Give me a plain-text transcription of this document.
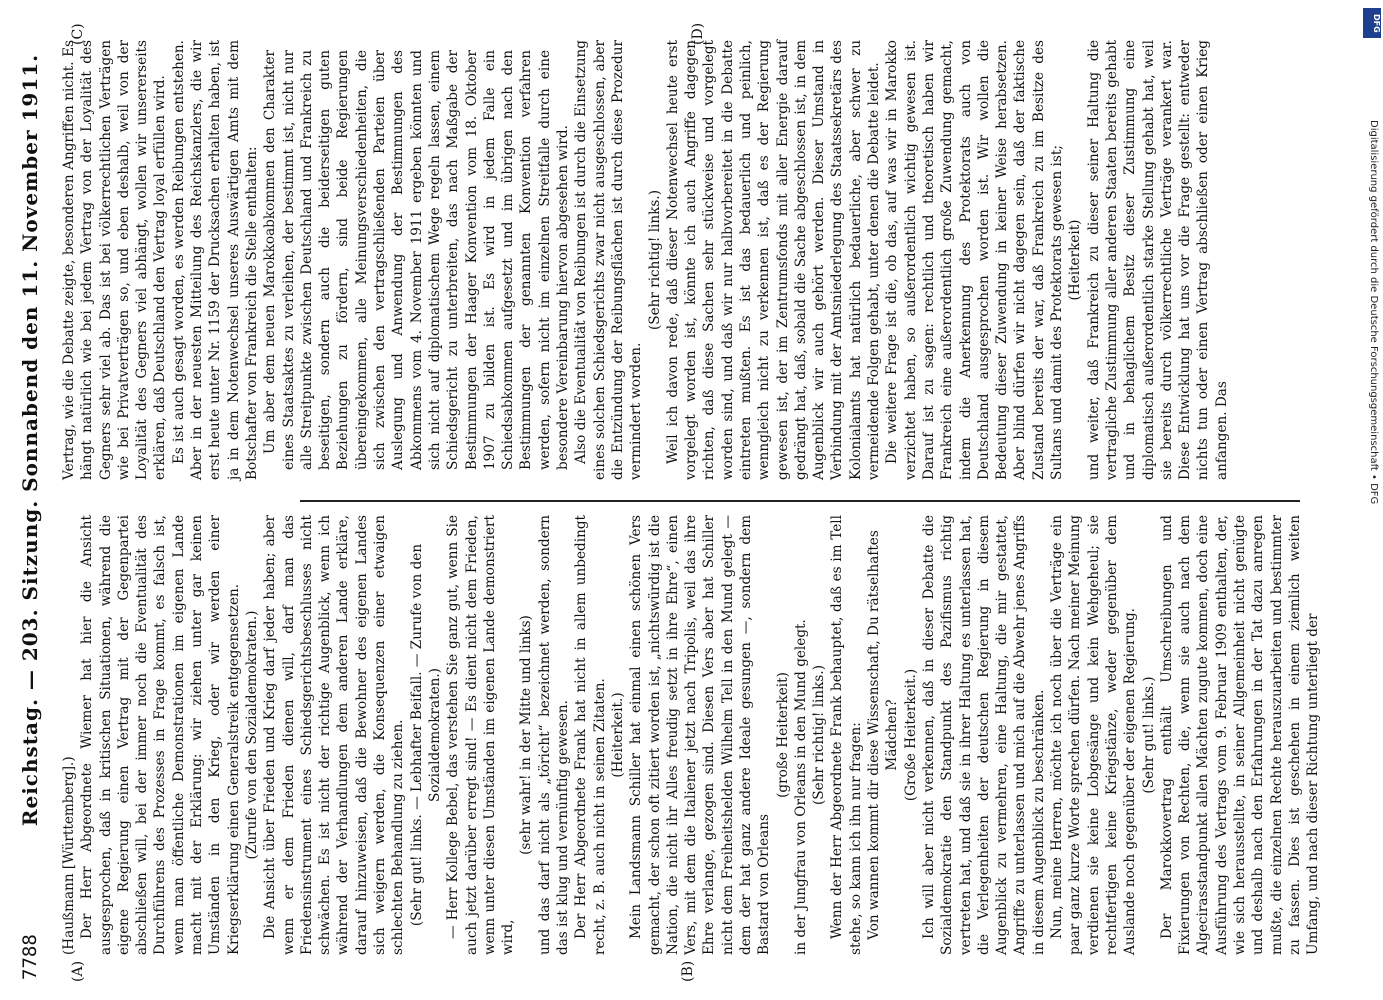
7788
Reichstag. — 203. Sitzung. Sonnabend den 11. November 1911.
(A)	(B)
(C)	(D)

(Haußmann [Württemberg].) Der Herr Abgeordnete Wiemer hat hier die Ansicht ausgesprochen, daß in kritischen Situationen, während die eigene Regierung einen Vertrag mit der Gegenpartei abschließen will, bei der immer noch die Eventualität des Durchführens des Prozesses in Frage kommt, es falsch ist, wenn man öffentliche Demonstrationen im eigenen Lande macht mit der Erklärung: wir ziehen unter gar keinen Umständen in den Krieg, oder wir werden einer Kriegserklärung einen Generalstreik entgegensetzen. (Zurufe von den Sozialdemokraten.) Die Ansicht über Frieden und Krieg darf jeder haben; aber wenn er dem Frieden dienen will, darf man das Friedensinstrument eines Schiedsgerichtsbeschlusses nicht schwächen. Es ist nicht der richtige Augenblick, wenn ich während der Verhandlungen dem anderen Lande erkläre, darauf hinzuweisen, daß die Bewohner des eigenen Landes sich weigern werden, die Konsequenzen einer etwaigen schlechten Behandlung zu ziehen. (Sehr gut! links. — Lebhafter Beifall. — Zurufe von den Sozialdemokraten.) — Herr Kollege Bebel, das verstehen Sie ganz gut, wenn Sie auch jetzt darüber erregt sind! — Es dient nicht dem Frieden, wenn unter diesen Umständen im eigenen Lande demonstriert wird,

(sehr wahr! in der Mitte und links) und das darf nicht als „töricht“ bezeichnet werden, sondern das ist klug und vernünftig gewesen. Der Herr Abgeordnete Frank hat nicht in allem unbedingt recht, z. B. auch nicht in seinen Zitaten. (Heiterkeit.) Mein Landsmann Schiller hat einmal einen schönen Vers gemacht, der schon oft zitiert worden ist, „nichtswürdig ist die Nation, die nicht ihr Alles freudig setzt in ihre Ehre“, einen Vers, mit dem die Italiener jetzt nach Tripolis, weil das ihre Ehre verlange, gezogen sind. Diesen Vers aber hat Schiller nicht dem Freiheitshelden Wilhelm Tell in den Mund gelegt — dem der hat ganz andere Ideale gesungen —, sondern dem Bastard von Orleans

(große Heiterkeit) in der Jungfrau von Orleans in den Mund gelegt. (Sehr richtig! links.) Wenn der Herr Abgeordnete Frank behauptet, daß es im Tell stehe, so kann ich ihn nur fragen: Von wannen kommt dir diese Wissenschaft, Du rätselhaftes Mädchen? (Große Heiterkeit.) Ich will aber nicht verkennen, daß in dieser Debatte die Sozialdemokratie den Standpunkt des Pazifismus richtig vertreten hat, und daß sie in ihrer Haltung es unterlassen hat, die Verlegenheiten der deutschen Regierung in diesem Augenblick zu vermehren, eine Haltung, die mir gestattet, Angriffe zu unterlassen und mich auf die Abwehr jenes Angriffs in diesem Augenblick zu beschränken. Nun, meine Herren, möchte ich noch über die Verträge ein paar ganz kurze Worte sprechen dürfen. Nach meiner Meinung verdienen sie keine Lobgesänge und kein Wehgeheul; sie rechtfertigen keine Kriegstänze, weder gegenüber dem Auslande noch gegenüber der eigenen Regierung. (Sehr gut! links.) Der Marokkovertrag enthält Umschreibungen und Fixierungen von Rechten, die, wenn sie auch nach dem Algecirasstandpunkt allen Mächten zugute kommen, doch eine Ausführung des Vertrags vom 9. Februar 1909 enthalten, der, wie sich herausstellte, in seiner Allgemeinheit nicht genügte und deshalb nach den Erfahrungen in der Tat dazu anregen mußte, die einzelnen Rechte herauszuarbeiten und bestimmter zu fassen. Dies ist geschehen in einem ziemlich weiten Umfang, und nach dieser Richtung unterliegt der

Vertrag, wie die Debatte zeigte, besonderen Angriffen nicht. Es hängt natürlich wie bei jedem Vertrag von der Loyalität des Gegners sehr viel ab. Das ist bei völkerrechtlichen Verträgen wie bei Privatverträgen so, und eben deshalb, weil von der Loyalität des Gegners viel abhängt, wollen wir unsererseits erklären, daß Deutschland den Vertrag loyal erfüllen wird. Es ist auch gesagt worden, es werden Reibungen entstehen. Aber in der neuesten Mitteilung des Reichskanzlers, die wir erst heute unter Nr. 1159 der Drucksachen erhalten haben, ist ja in dem Notenwechsel unseres Auswärtigen Amts mit dem Botschafter von Frankreich die Stelle enthalten: Um aber dem neuen Marokkoabkommen den Charakter eines Staatsaktes zu verleihen, der bestimmt ist, nicht nur alle Streitpunkte zwischen Deutschland und Frankreich zu beseitigen, sondern auch die beiderseitigen guten Beziehungen zu fördern, sind beide Regierungen übereingekommen, alle Meinungsverschiedenheiten, die sich zwischen den vertragschließenden Parteien über Auslegung und Anwendung der Bestimmungen des Abkommens vom 4. November 1911 ergeben könnten und sich nicht auf diplomatischem Wege regeln lassen, einem Schiedsgericht zu unterbreiten, das nach Maßgabe der Bestimmungen der Haager Konvention vom 18. Oktober 1907 zu bilden ist. Es wird in jedem Falle ein Schiedsabkommen aufgesetzt und im übrigen nach den Bestimmungen der genannten Konvention verfahren werden, sofern nicht im einzelnen Streitfalle durch eine besondere Vereinbarung hiervon abgesehen wird. Also die Eventualität von Reibungen ist durch die Einsetzung eines solchen Schiedsgerichts zwar nicht ausgeschlossen, aber die Entzündung der Reibungsflächen ist durch diese Prozedur vermindert worden.

(Sehr richtig! links.) Weil ich davon rede, daß dieser Notenwechsel heute erst vorgelegt worden ist, könnte ich auch Angriffe dagegen richten, daß diese Sachen sehr stückweise und vorgelegt worden sind, und daß wir nur halbvorbereitet in die Debatte eintreten mußten. Es ist das bedauerlich und peinlich, wenngleich nicht zu verkennen ist, daß es der Regierung gewesen ist, der im Zentrumsfonds mit aller Energie darauf gedrängt hat, daß, sobald die Sache abgeschlossen ist, in dem Augenblick wir auch gehört werden. Dieser Umstand in Verbindung mit der Amtsniederlegung des Staatssekretärs des Kolonialamts hat natürlich bedauerliche, aber schwer zu vermeidende Folgen gehabt, unter denen die Debatte leidet. Die weitere Frage ist die, ob das, auf was wir in Marokko verzichtet haben, so außerordentlich wichtig gewesen ist. Darauf ist zu sagen: rechtlich und theoretisch haben wir Frankreich eine außerordentlich große Zuwendung gemacht, indem die Anerkennung des Protektorats auch von Deutschland ausgesprochen worden ist. Wir wollen die Bedeutung dieser Zuwendung in keiner Weise herabsetzen. Aber blind dürfen wir nicht dagegen sein, daß der faktische Zustand bereits der war, daß Frankreich zu im Besitze des Sultans und damit des Protektorats gewesen ist; (Heiterkeit) und weiter, daß Frankreich zu dieser seiner Haltung die vertragliche Zustimmung aller anderen Staaten bereits gehabt und in behaglichem Besitz dieser Zustimmung eine diplomatisch außerordentlich starke Stellung gehabt hat, weil sie bereits durch völkerrechtliche Verträge verankert war. Diese Entwicklung hat uns vor die Frage gestellt: entweder nichts tun oder einen Vertrag abschließen oder einen Krieg anfangen. Das

DFG
Digitalisierung gefördert durch die Deutsche Forschungsgemeinschaft • DFG
